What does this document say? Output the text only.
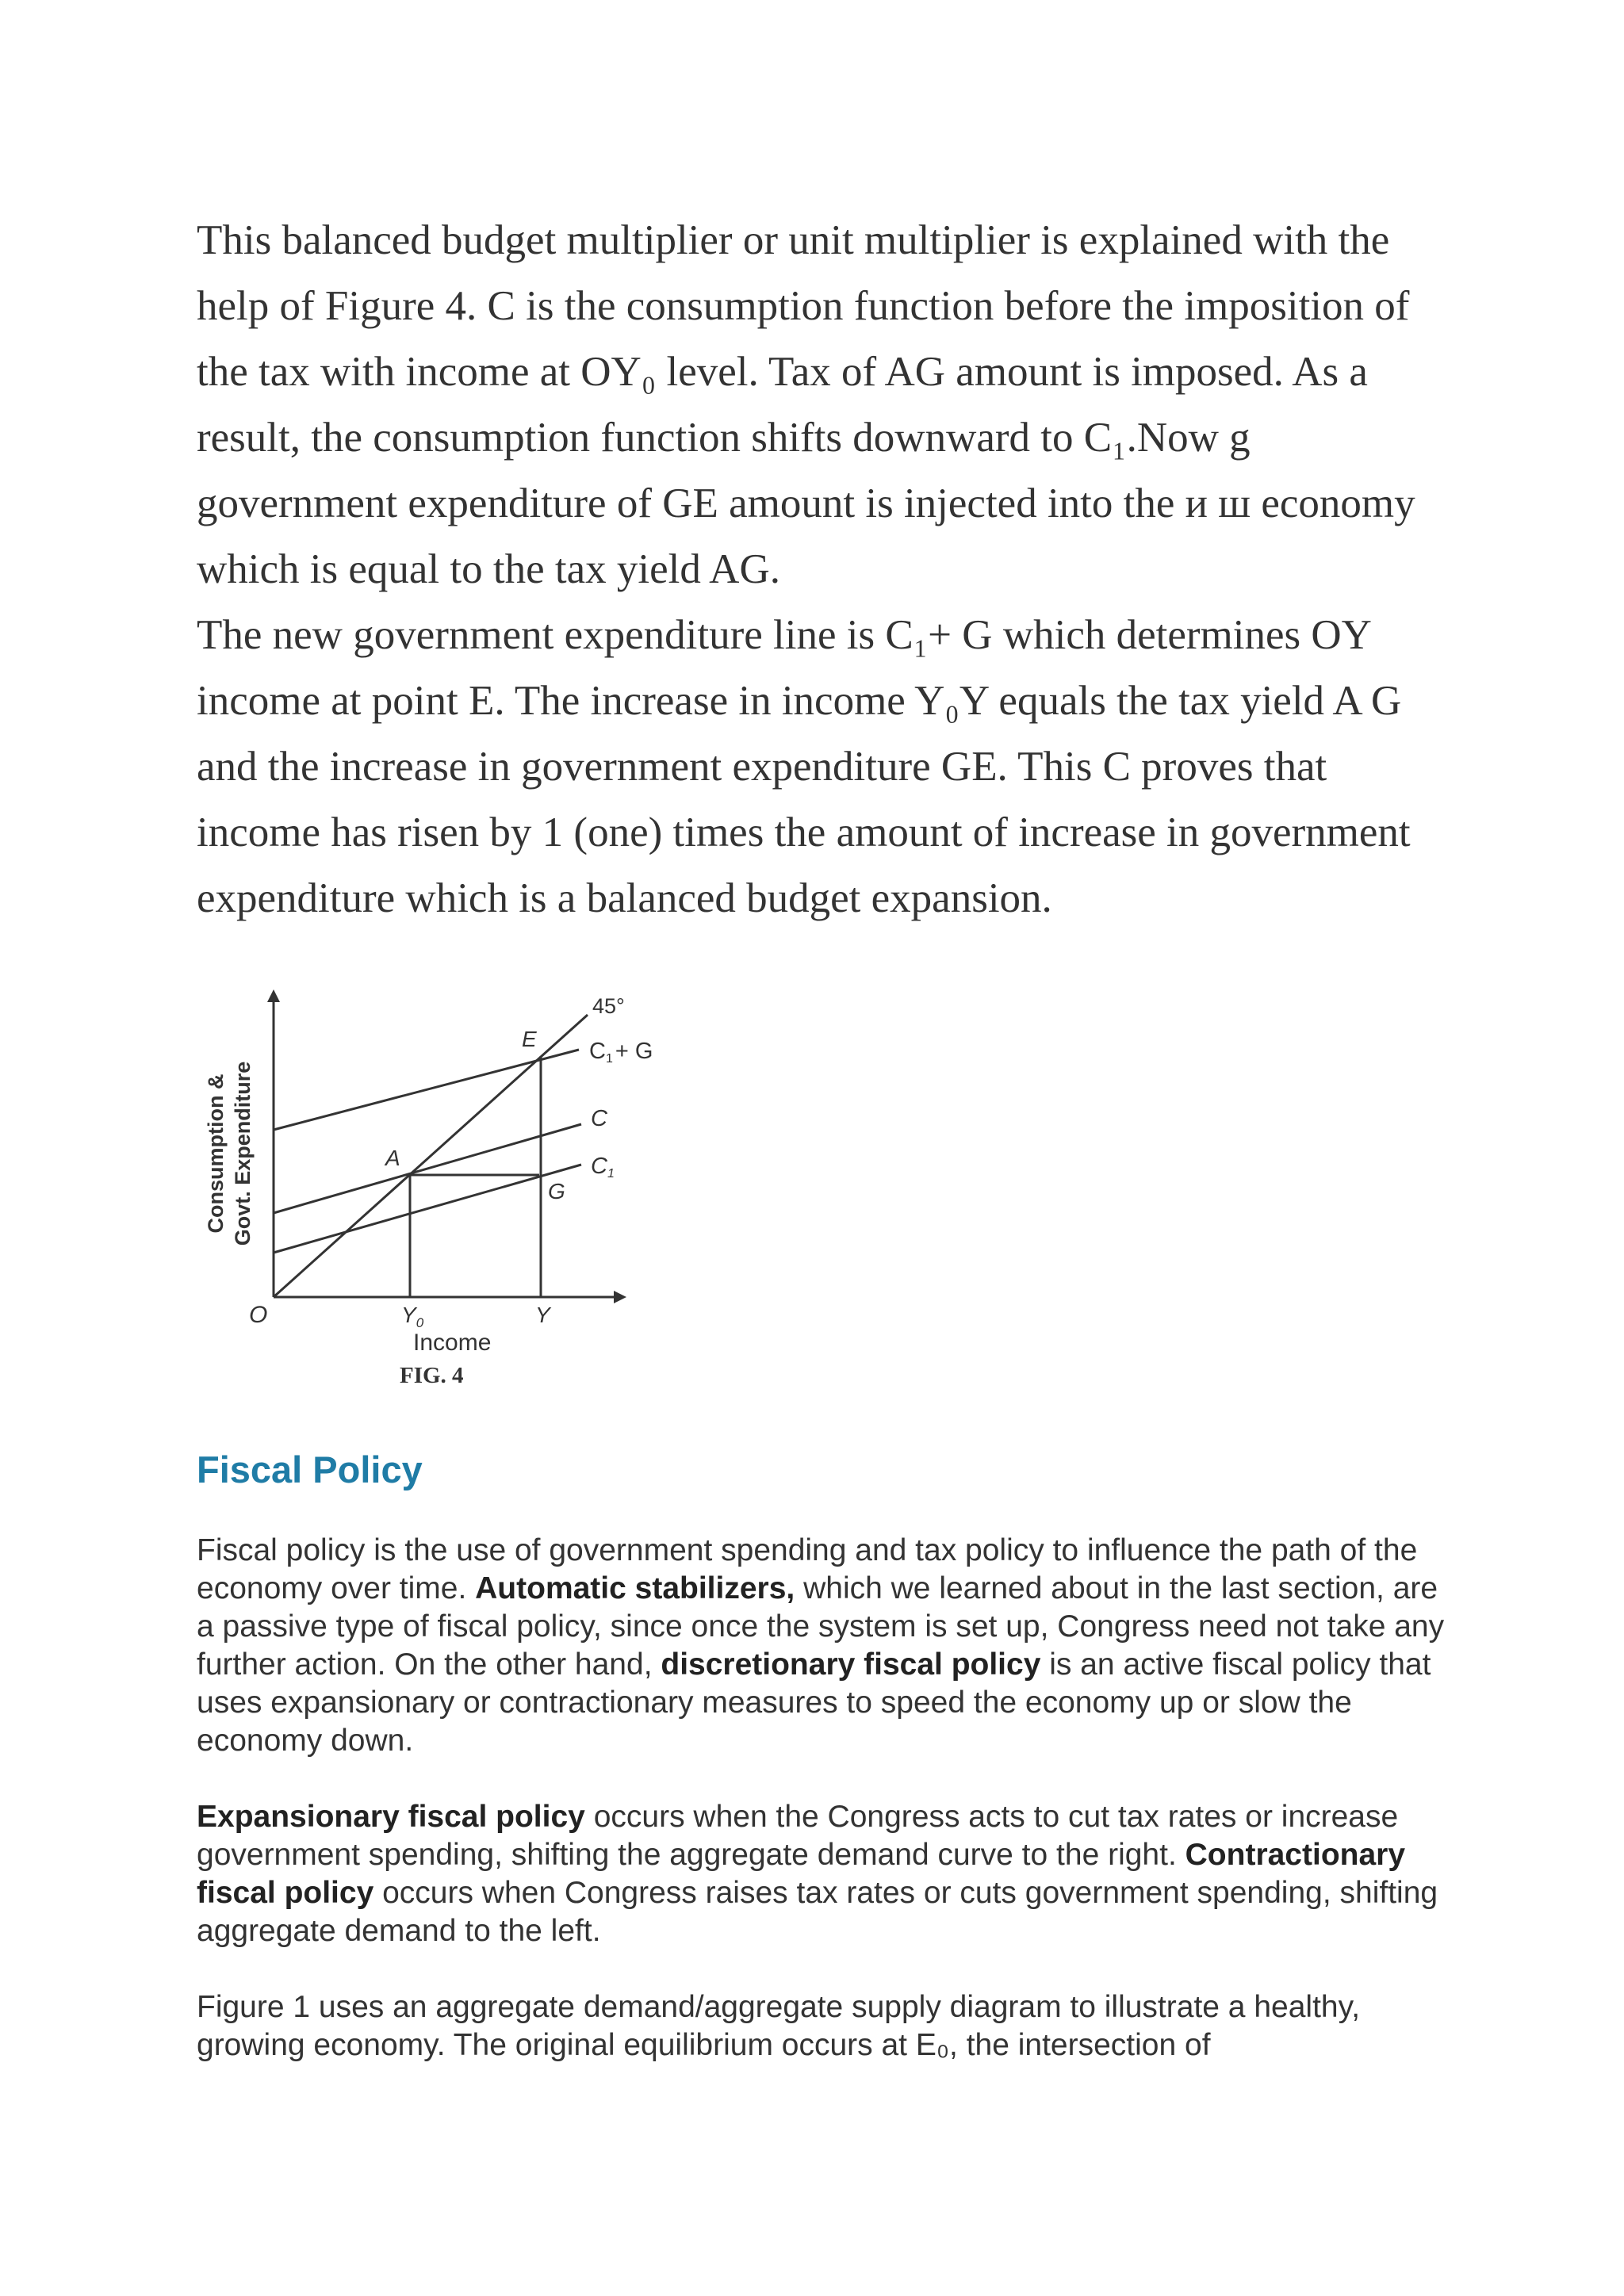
This balanced budget multiplier or unit multiplier is explained with the help of Figure 4. C is the consumption function before the imposition of the tax with income at OY₀ level. Tax of AG amount is imposed. As a result, the consumption function shifts downward to C₁.Now g government expenditure of GE amount is injected into the и ш economy which is equal to the tax yield AG.

The new government expenditure line is C₁+ G which determines OY income at point E. The increase in income Y₀Y equals the tax yield A G and the increase in government expenditure GE. This C proves that income has risen by 1 (one) times the amount of increase in government expenditure which is a balanced budget expansion.

Consumption & Govt. Expenditure
O	$Y_0$	Y
Income
FIG. 4
A
E
G
45°
C1 + G
C
C1
Fiscal Policy

Fiscal policy is the use of government spending and tax policy to influence the path of the economy over time. Automatic stabilizers, which we learned about in the last section, are a passive type of fiscal policy, since once the system is set up, Congress need not take any further action. On the other hand, discretionary fiscal policy is an active fiscal policy that uses expansionary or contractionary measures to speed the economy up or slow the economy down.

Expansionary fiscal policy occurs when the Congress acts to cut tax rates or increase government spending, shifting the aggregate demand curve to the right. Contractionary fiscal policy occurs when Congress raises tax rates or cuts government spending, shifting aggregate demand to the left.

Figure 1 uses an aggregate demand/aggregate supply diagram to illustrate a healthy, growing economy. The original equilibrium occurs at E₀, the intersection of
